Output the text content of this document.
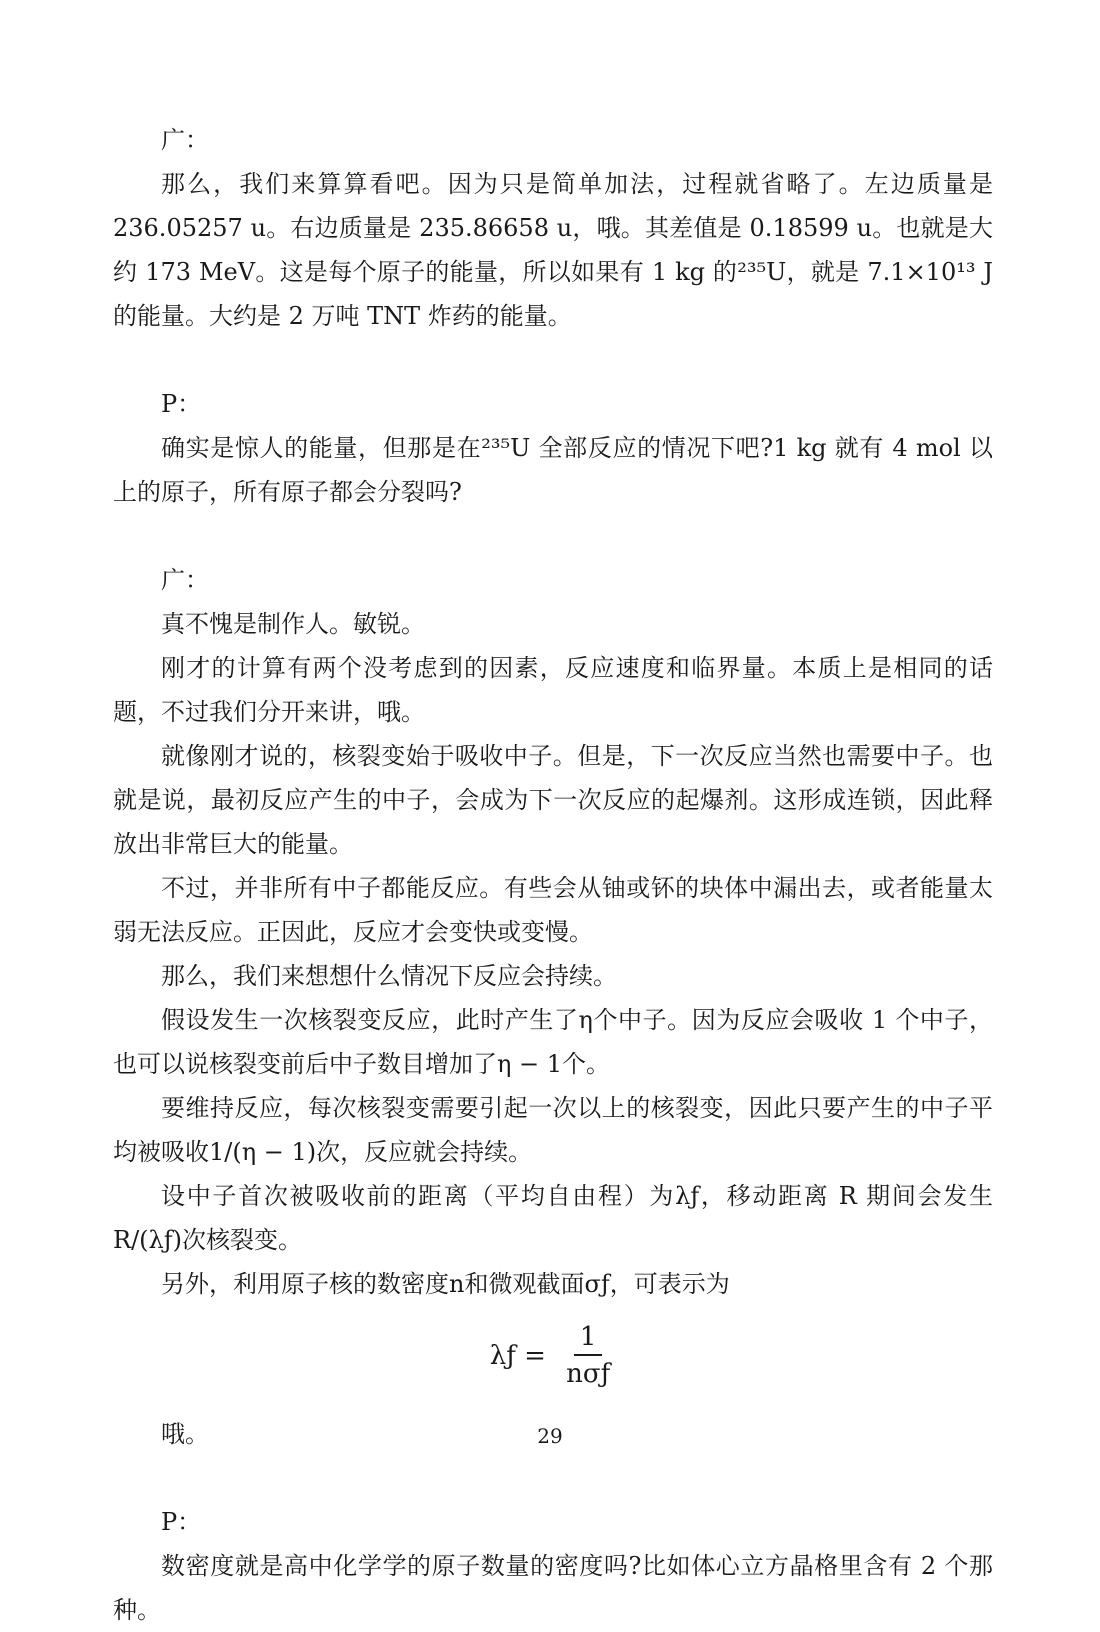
广：

那么，我们来算算看吧。因为只是简单加法，过程就省略了。左边质量是236.05257 u。右边质量是 235.86658 u，哦。其差值是 0.18599 u。也就是大约 173 MeV。这是每个原子的能量，所以如果有 1 kg 的²³⁵U，就是 7.1×10¹³ J 的能量。大约是 2 万吨 TNT 炸药的能量。

P：

确实是惊人的能量，但那是在²³⁵U 全部反应的情况下吧?1 kg 就有 4 mol 以上的原子，所有原子都会分裂吗?

广：

真不愧是制作人。敏锐。

刚才的计算有两个没考虑到的因素，反应速度和临界量。本质上是相同的话题，不过我们分开来讲，哦。

就像刚才说的，核裂变始于吸收中子。但是，下一次反应当然也需要中子。也就是说，最初反应产生的中子，会成为下一次反应的起爆剂。这形成连锁，因此释放出非常巨大的能量。

不过，并非所有中子都能反应。有些会从铀或钚的块体中漏出去，或者能量太弱无法反应。正因此，反应才会变快或变慢。

那么，我们来想想什么情况下反应会持续。

假设发生一次核裂变反应，此时产生了η个中子。因为反应会吸收 1 个中子，也可以说核裂变前后中子数目增加了η − 1个。

要维持反应，每次核裂变需要引起一次以上的核裂变，因此只要产生的中子平均被吸收1/(η − 1)次，反应就会持续。

设中子首次被吸收前的距离（平均自由程）为λƒ，移动距离 R 期间会发生R/(λƒ)次核裂变。

另外，利用原子核的数密度n和微观截面σƒ，可表示为

λƒ = $\frac{1}{\text{nσƒ}}$

哦。

P：

数密度就是高中化学学的原子数量的密度吗?比如体心立方晶格里含有 2 个那种。

29
